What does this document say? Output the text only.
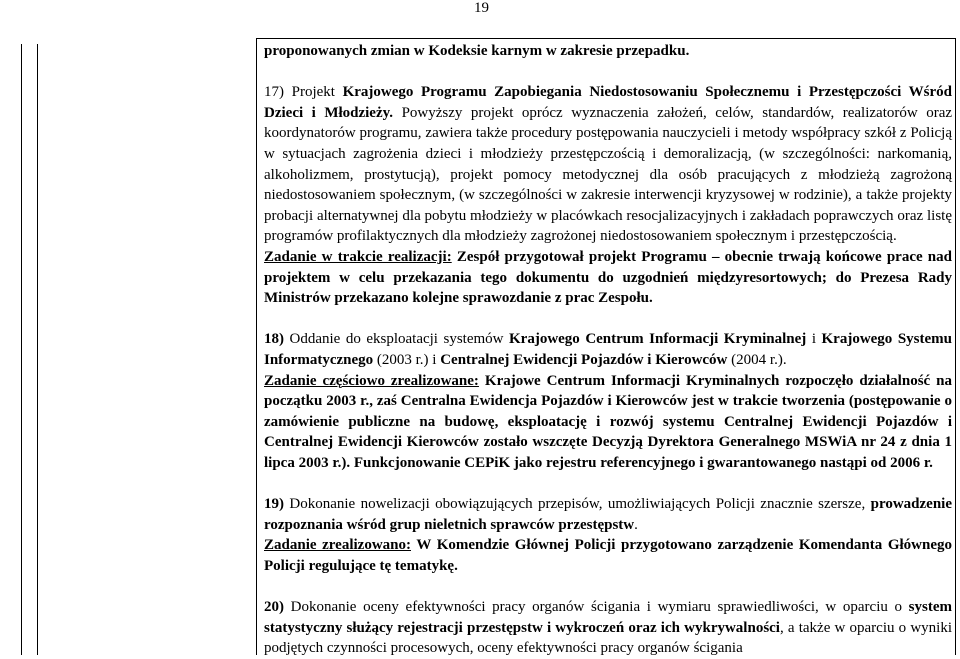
19

proponowanych zmian w Kodeksie karnym w zakresie przepadku.

17) Projekt Krajowego Programu Zapobiegania Niedostosowaniu Społecznemu i Przestępczości Wśród Dzieci i Młodzieży. Powyższy projekt oprócz wyznaczenia założeń, celów, standardów, realizatorów oraz koordynatorów programu, zawiera także procedury postępowania nauczycieli i metody współpracy szkół z Policją w sytuacjach zagrożenia dzieci i młodzieży przestępczością i demoralizacją, (w szczególności: narkomanią, alkoholizmem, prostytucją), projekt pomocy metodycznej dla osób pracujących z młodzieżą zagrożoną niedostosowaniem społecznym, (w szczególności w zakresie interwencji kryzysowej w rodzinie), a także projekty probacji alternatywnej dla pobytu młodzieży w placówkach resocjalizacyjnych i zakładach poprawczych oraz listę programów profilaktycznych dla młodzieży zagrożonej niedostosowaniem społecznym i przestępczością.
Zadanie w trakcie realizacji: Zespół przygotował projekt Programu – obecnie trwają końcowe prace nad projektem w celu przekazania tego dokumentu do uzgodnień międzyresortowych; do Prezesa Rady Ministrów przekazano kolejne sprawozdanie z prac Zespołu.

18) Oddanie do eksploatacji systemów Krajowego Centrum Informacji Kryminalnej i Krajowego Systemu Informatycznego (2003 r.) i Centralnej Ewidencji Pojazdów i Kierowców (2004 r.).
Zadanie częściowo zrealizowane: Krajowe Centrum Informacji Kryminalnych rozpoczęło działalność na początku 2003 r., zaś Centralna Ewidencja Pojazdów i Kierowców jest w trakcie tworzenia (postępowanie o zamówienie publiczne na budowę, eksploatację i rozwój systemu Centralnej Ewidencji Pojazdów i Centralnej Ewidencji Kierowców zostało wszczęte Decyzją Dyrektora Generalnego MSWiA nr 24 z dnia 1 lipca 2003 r.). Funkcjonowanie CEPiK jako rejestru referencyjnego i gwarantowanego nastąpi od 2006 r.

19) Dokonanie nowelizacji obowiązujących przepisów, umożliwiających Policji znacznie szersze, prowadzenie rozpoznania wśród grup nieletnich sprawców przestępstw.
Zadanie zrealizowano: W Komendzie Głównej Policji przygotowano zarządzenie Komendanta Głównego Policji regulujące tę tematykę.

20) Dokonanie oceny efektywności pracy organów ścigania i wymiaru sprawiedliwości, w oparciu o system statystyczny służący rejestracji przestępstw i wykroczeń oraz ich wykrywalności, a także w oparciu o wyniki podjętych czynności procesowych, oceny efektywności pracy organów ścigania
